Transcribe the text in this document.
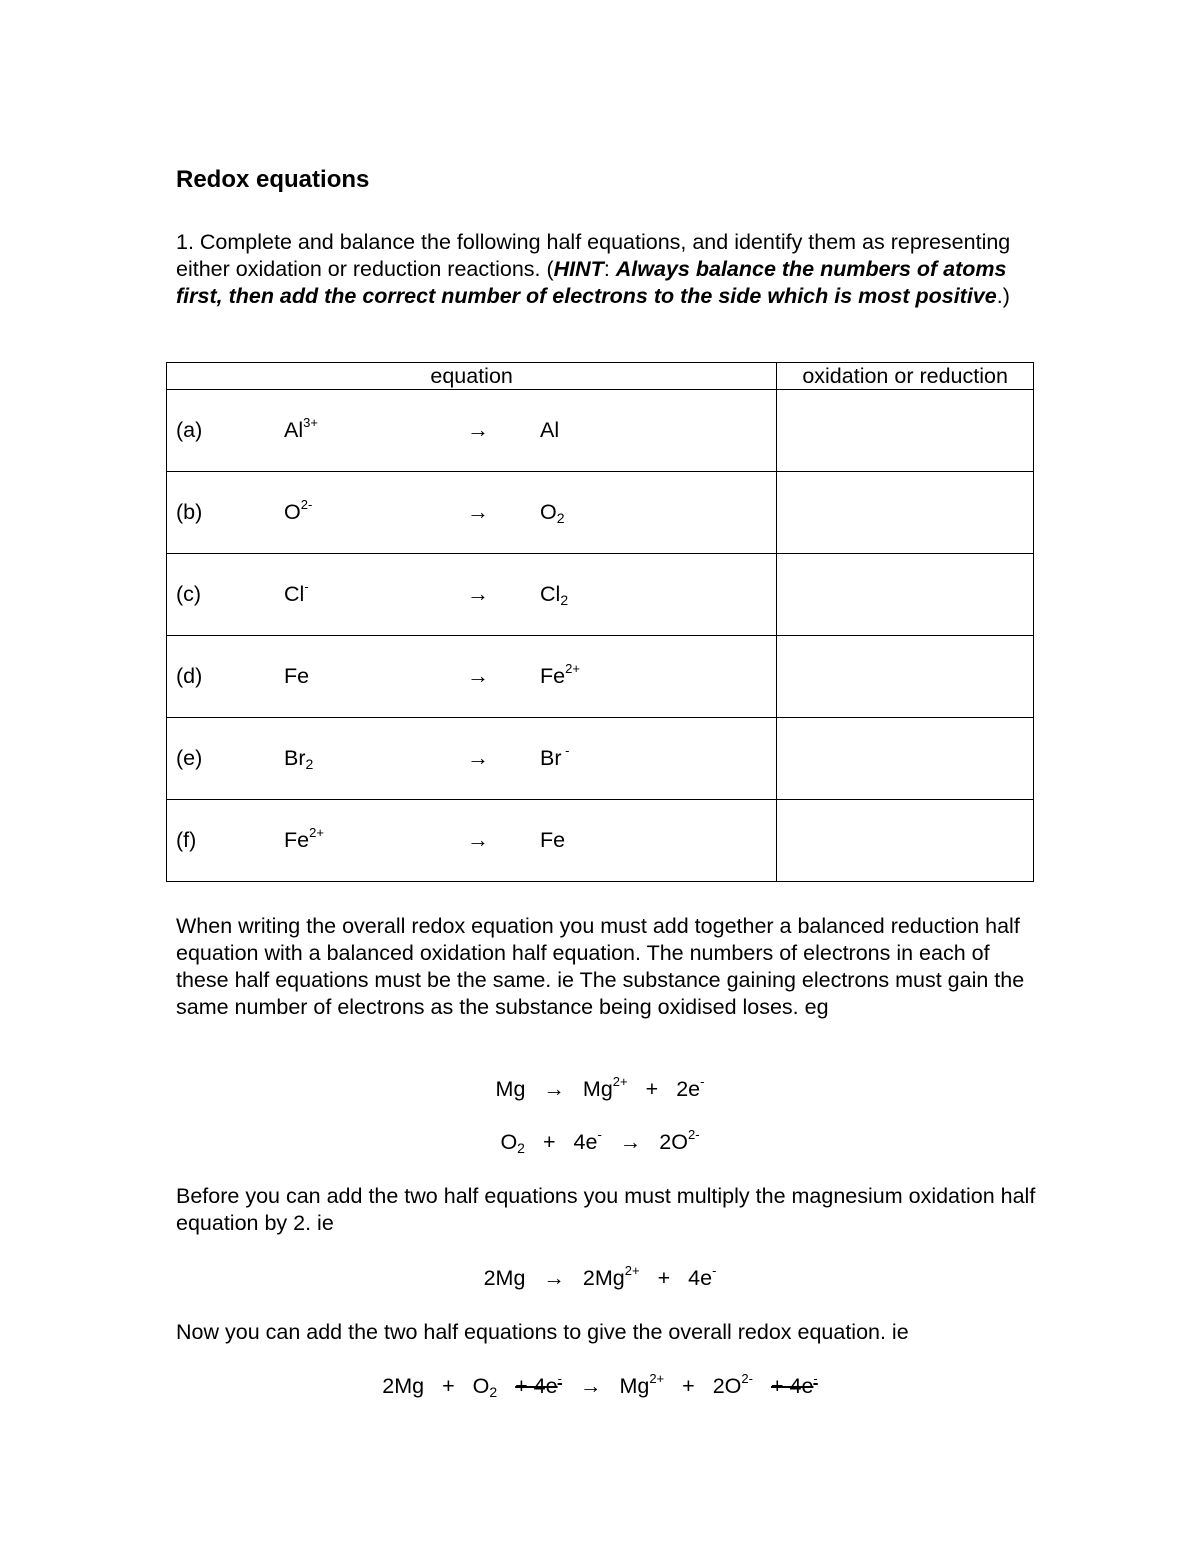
Redox equations

1. Complete and balance the following half equations, and identify them as representing either oxidation or reduction reactions. (HINT: Always balance the numbers of atoms first, then add the correct number of electrons to the side which is most positive.)

equation	oxidation or reduction

(a) $Al^{3+} \to Al$	

(b) $O^{2-} \to O_2$

(c) $Cl^- \to Cl_2$

(d) $Fe \to Fe^{2+}$

(e) $Br_2 \to Br$ -

(f) $Fe^{2+} \to Fe$	

When writing the overall redox equation you must add together a balanced reduction half equation with a balanced oxidation half equation. The numbers of electrons in each of these half equations must be the same. ie The substance gaining electrons must gain the same number of electrons as the substance being oxidised loses. eg

$Mg \to Mg^{2+} + 2e^-$
$O_2 + 4e^- \to 2O^{2-}$

Before you can add the two half equations you must multiply the magnesium oxidation half equation by 2. ie

$2Mg \to 2Mg^{2+} + 4e^-$

Now you can add the two half equations to give the overall redox equation. ie

$2Mg + O_2 + 4e^- \to Mg^{2+} + 2O^{2-} + 4e^-$
